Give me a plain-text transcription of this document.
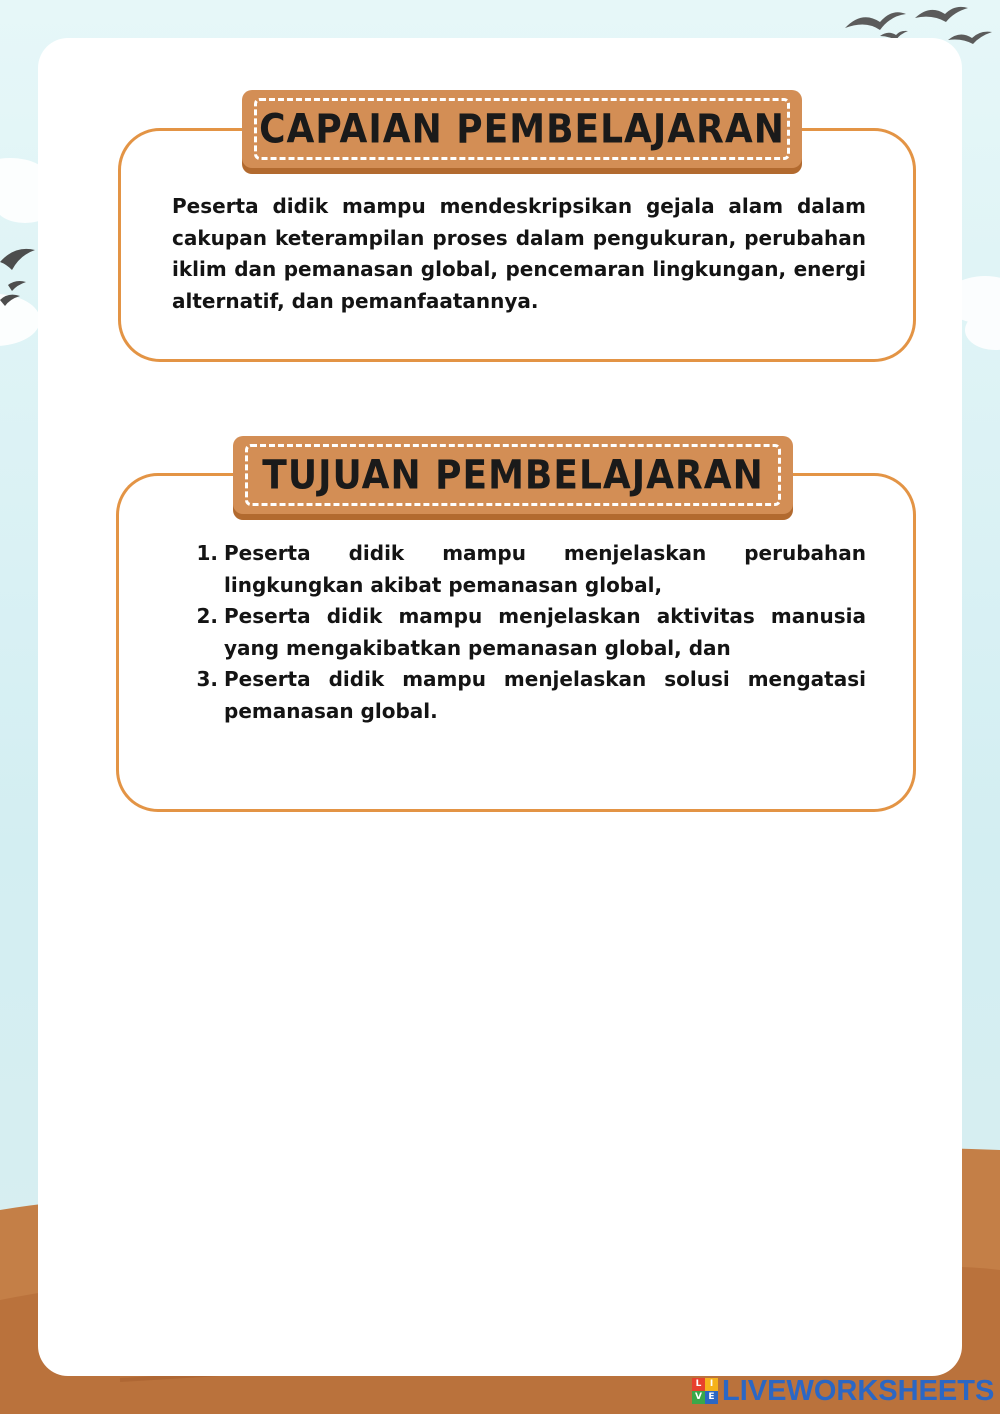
CAPAIAN PEMBELAJARAN

Peserta didik mampu mendeskripsikan gejala alam dalam cakupan keterampilan proses dalam pengukuran, perubahan iklim dan pemanasan global, pencemaran lingkungan, energi alternatif, dan pemanfaatannya.

TUJUAN PEMBELAJARAN
1. Peserta didik mampu menjelaskan perubahan lingkungkan akibat pemanasan global,
2. Peserta didik mampu menjelaskan aktivitas manusia yang mengakibatkan pemanasan global, dan
3. Peserta didik mampu menjelaskan solusi mengatasi pemanasan global.
L I
V E LIVEWORKSHEETS
